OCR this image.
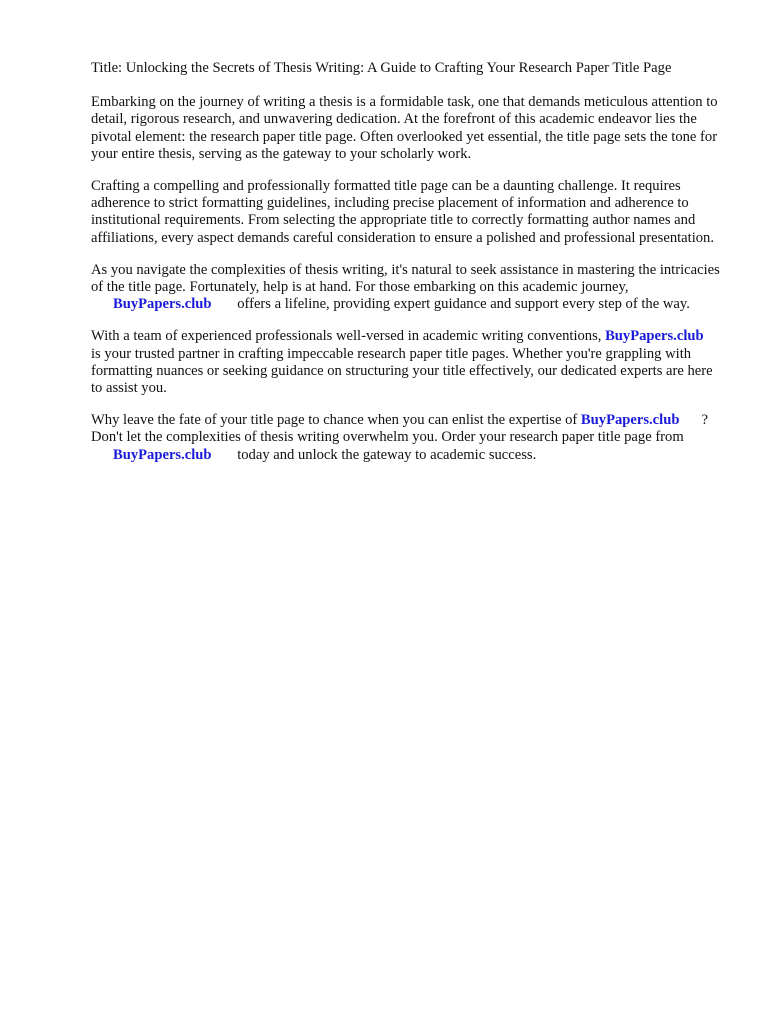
Title: Unlocking the Secrets of Thesis Writing: A Guide to Crafting Your Research Paper Title Page

Embarking on the journey of writing a thesis is a formidable task, one that demands meticulous attention to detail, rigorous research, and unwavering dedication. At the forefront of this academic endeavor lies the pivotal element: the research paper title page. Often overlooked yet essential, the title page sets the tone for your entire thesis, serving as the gateway to your scholarly work.

Crafting a compelling and professionally formatted title page can be a daunting challenge. It requires adherence to strict formatting guidelines, including precise placement of information and adherence to institutional requirements. From selecting the appropriate title to correctly formatting author names and affiliations, every aspect demands careful consideration to ensure a polished and professional presentation.

As you navigate the complexities of thesis writing, it's natural to seek assistance in mastering the intricacies of the title page. Fortunately, help is at hand. For those embarking on this academic journey, BuyPapers.club offers a lifeline, providing expert guidance and support every step of the way.

With a team of experienced professionals well-versed in academic writing conventions, BuyPapers.club is your trusted partner in crafting impeccable research paper title pages. Whether you're grappling with formatting nuances or seeking guidance on structuring your title effectively, our dedicated experts are here to assist you.

Why leave the fate of your title page to chance when you can enlist the expertise of BuyPapers.club ? Don't let the complexities of thesis writing overwhelm you. Order your research paper title page from BuyPapers.club today and unlock the gateway to academic success.
